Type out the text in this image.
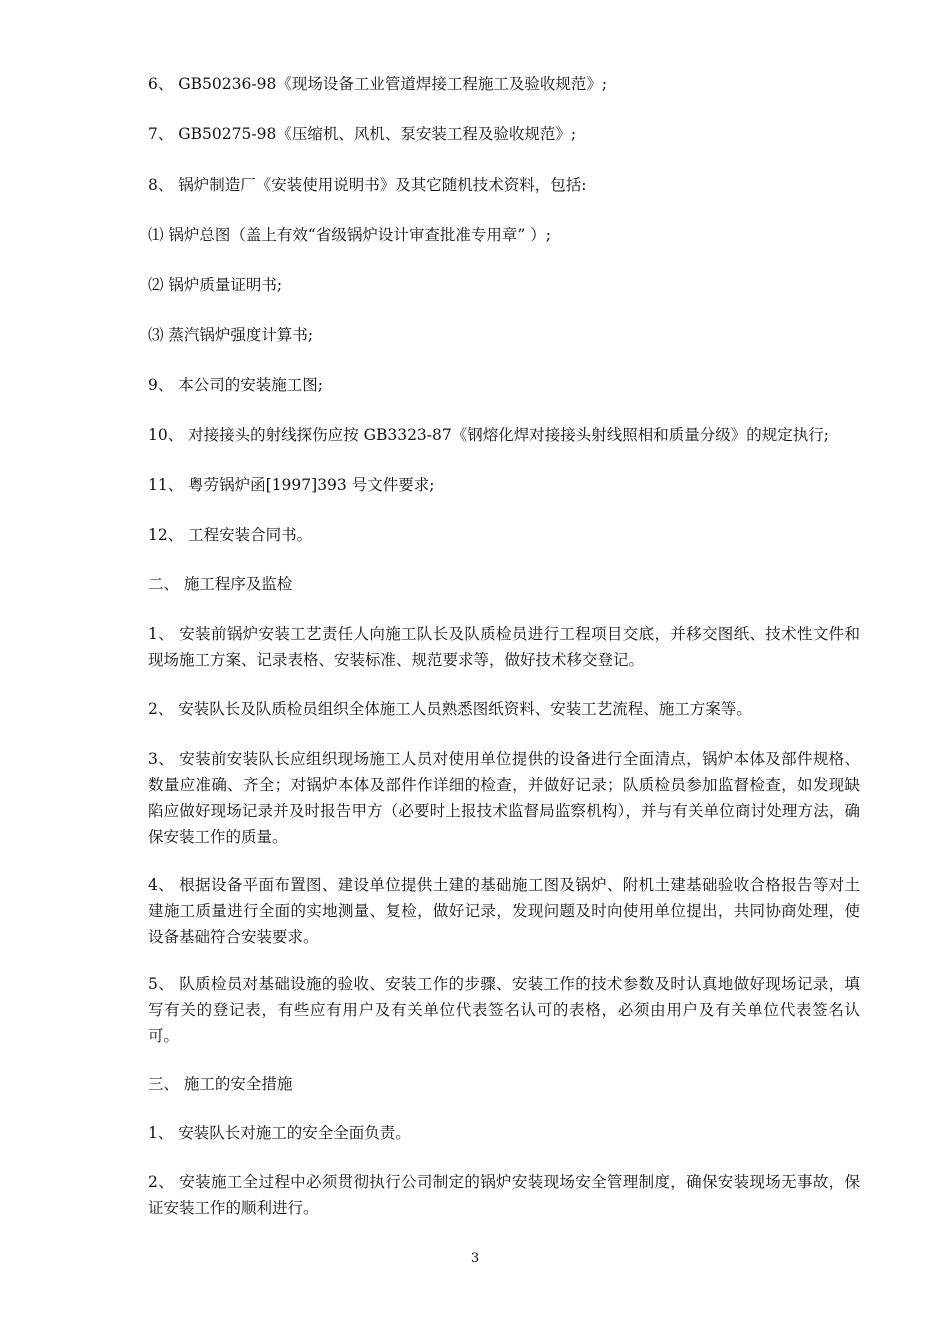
6、 GB50236-98《现场设备工业管道焊接工程施工及验收规范》;
7、 GB50275-98《压缩机、风机、泵安装工程及验收规范》;
8、 锅炉制造厂《安装使用说明书》及其它随机技术资料，包括:
⑴ 锅炉总图（盖上有效“省级锅炉设计审查批准专用章” ）;
⑵ 锅炉质量证明书;
⑶ 蒸汽锅炉强度计算书;
9、 本公司的安装施工图;
10、 对接接头的射线探伤应按 GB3323-87《钢熔化焊对接接头射线照相和质量分级》的规定执行;
11、 粤劳锅炉函[1997]393 号文件要求;
12、 工程安装合同书。
二、 施工程序及监检
1、 安装前锅炉安装工艺责任人向施工队长及队质检员进行工程项目交底，并移交图纸、技术性文件和现场施工方案、记录表格、安装标准、规范要求等，做好技术移交登记。
2、 安装队长及队质检员组织全体施工人员熟悉图纸资料、安装工艺流程、施工方案等。
3、 安装前安装队长应组织现场施工人员对使用单位提供的设备进行全面清点，锅炉本体及部件规格、数量应准确、齐全；对锅炉本体及部件作详细的检查，并做好记录；队质检员参加监督检查，如发现缺陷应做好现场记录并及时报告甲方（必要时上报技术监督局监察机构），并与有关单位商讨处理方法，确保安装工作的质量。
4、 根据设备平面布置图、建设单位提供土建的基础施工图及锅炉、附机土建基础验收合格报告等对土建施工质量进行全面的实地测量、复检，做好记录，发现问题及时向使用单位提出，共同协商处理，使设备基础符合安装要求。
5、 队质检员对基础设施的验收、安装工作的步骤、安装工作的技术参数及时认真地做好现场记录，填写有关的登记表，有些应有用户及有关单位代表签名认可的表格，必须由用户及有关单位代表签名认可。
三、 施工的安全措施
1、 安装队长对施工的安全全面负责。
2、 安装施工全过程中必须贯彻执行公司制定的锅炉安装现场安全管理制度，确保安装现场无事故，保证安装工作的顺利进行。
3
